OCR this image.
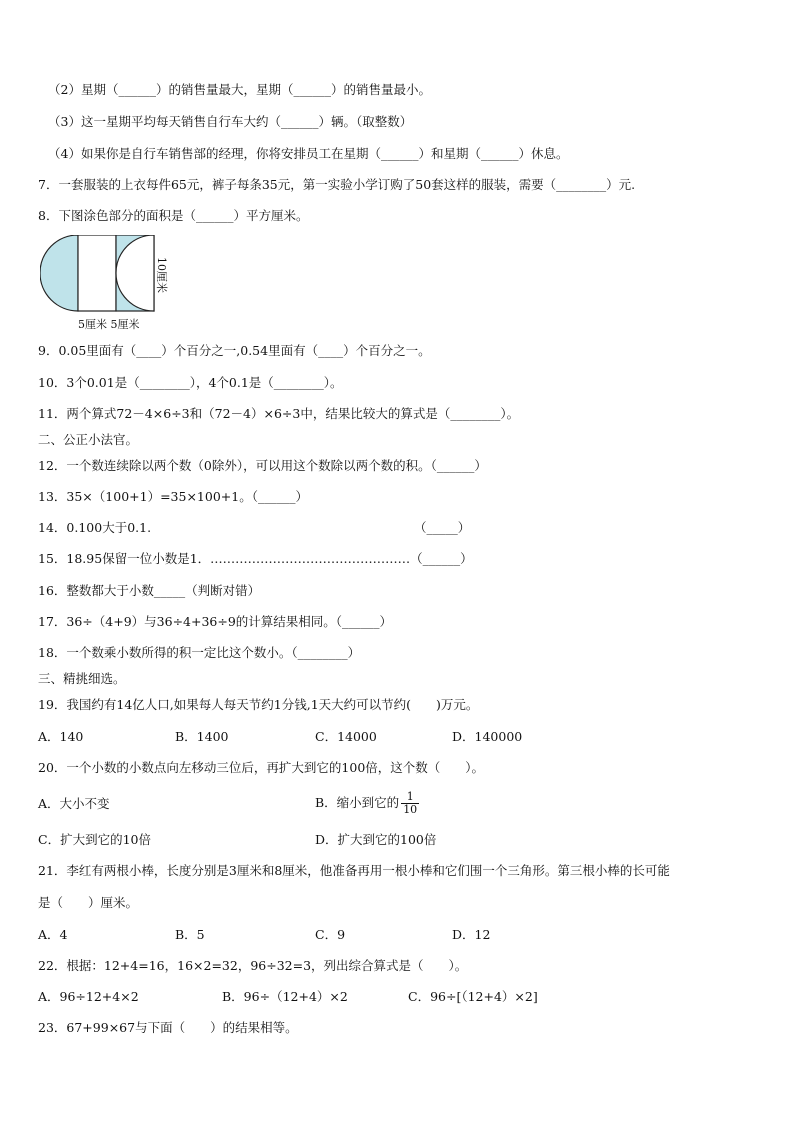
（2）星期（______）的销售量最大，星期（______）的销售量最小。
（3）这一星期平均每天销售自行车大约（______）辆。（取整数）
（4）如果你是自行车销售部的经理，你将安排员工在星期（______）和星期（______）休息。
7．一套服装的上衣每件65元，裤子每条35元，第一实验小学订购了50套这样的服装，需要（________）元.
8．下图涂色部分的面积是（______）平方厘米。
5厘米 5厘米
10厘米
9．0.05里面有（____）个百分之一,0.54里面有（____）个百分之一。
10．3个0.01是（________），4个0.1是（________）。
11．两个算式72－4×6÷3和（72－4）×6÷3中，结果比较大的算式是（________）。
二、公正小法官。
12．一个数连续除以两个数（0除外），可以用这个数除以两个数的积。（______）
13．35×（100+1）=35×100+1。（______）
14．0.100大于0.1.	（_____）
15．18.95保留一位小数是1．…………………………………………（______）
16．整数都大于小数_____（判断对错）
17．36÷（4+9）与36÷4+36÷9的计算结果相同。（______）
18．一个数乘小数所得的积一定比这个数小。（________）
三、精挑细选。
19．我国约有14亿人口,如果每人每天节约1分钱,1天大约可以节约(　　)万元。
A．140	B．1400	C．14000	D．140000
20．一个小数的小数点向左移动三位后，再扩大到它的100倍，这个数（　　）。
A．大小不变	B．缩小到它的 $\frac{1}{10}$
C．扩大到它的10倍	D．扩大到它的100倍
21．李红有两根小棒，长度分别是3厘米和8厘米，他准备再用一根小棒和它们围一个三角形。第三根小棒的长可能
是（　　）厘米。
A．4	B．5	C．9	D．12
22．根据：12+4=16，16×2=32，96÷32=3，列出综合算式是（　　）。
A．96÷12+4×2	B．96÷（12+4）×2	C．96÷[（12+4）×2]
23．67+99×67与下面（　　）的结果相等。
